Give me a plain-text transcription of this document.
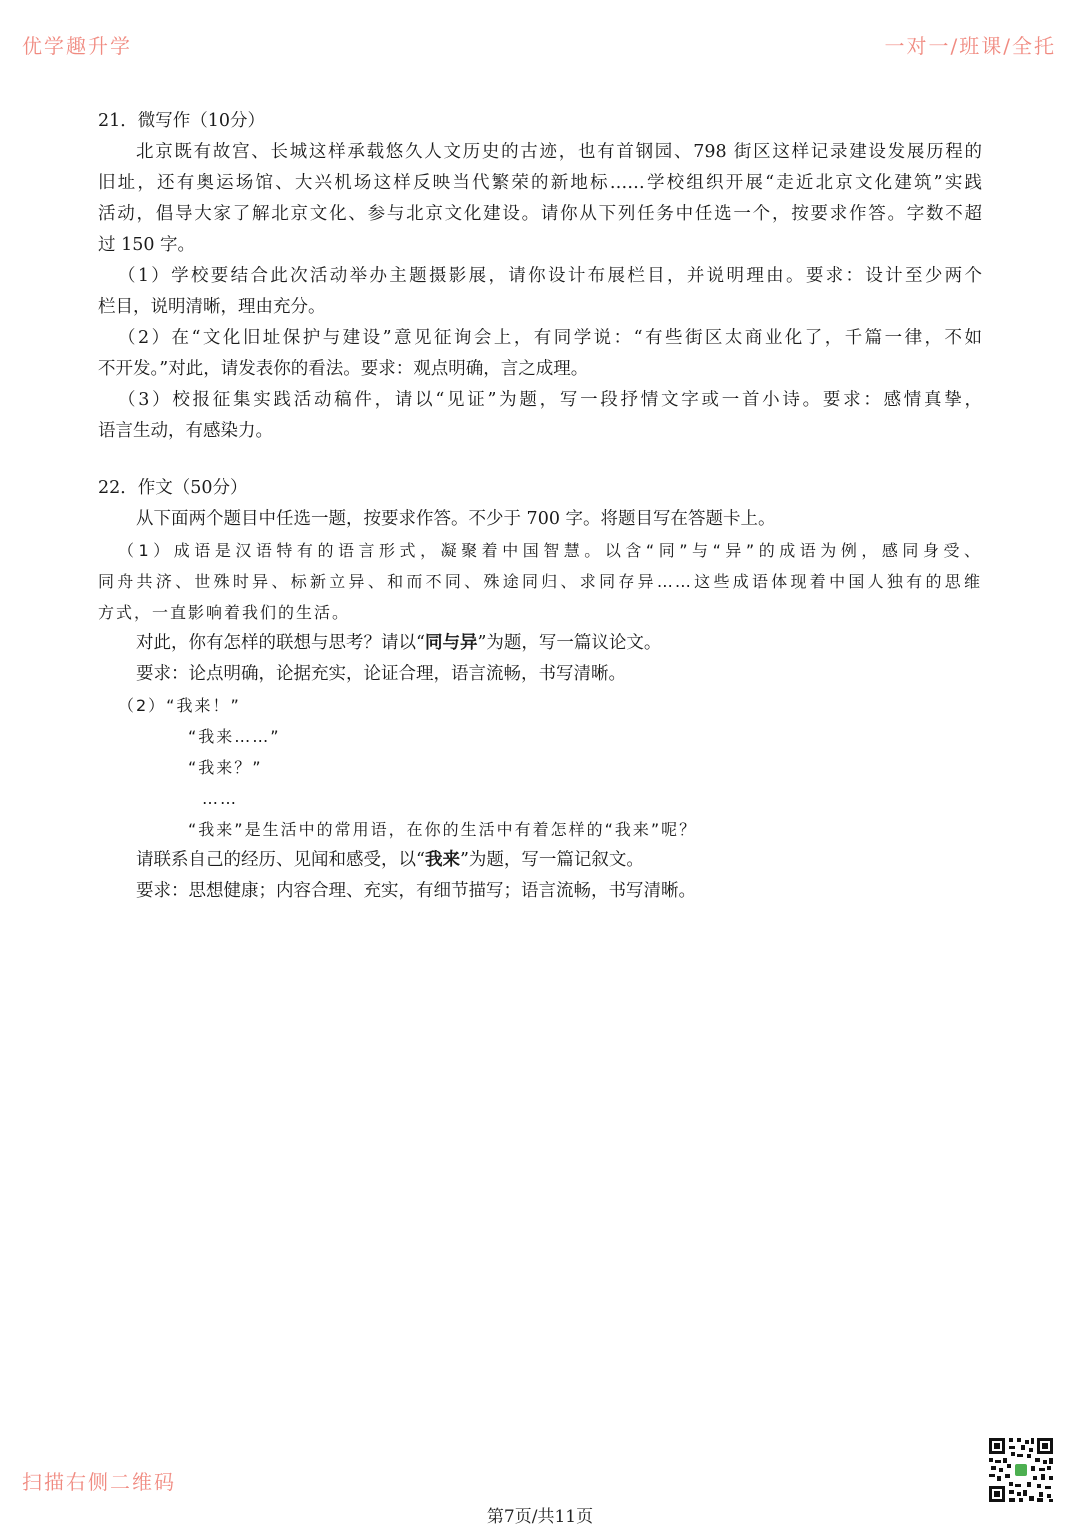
优学趣升学	一对一/班课/全托
21．微写作（10分）
北京既有故宫、长城这样承载悠久人文历史的古迹，也有首钢园、798 街区这样记录建设发展历程的
旧址，还有奥运场馆、大兴机场这样反映当代繁荣的新地标……学校组织开展“走近北京文化建筑”实践
活动，倡导大家了解北京文化、参与北京文化建设。请你从下列任务中任选一个，按要求作答。字数不超
过 150 字。
（1）学校要结合此次活动举办主题摄影展，请你设计布展栏目，并说明理由。要求：设计至少两个
栏目，说明清晰，理由充分。
（2）在“文化旧址保护与建设”意见征询会上，有同学说：“有些街区太商业化了，千篇一律，不如
不开发。”对此，请发表你的看法。要求：观点明确，言之成理。
（3）校报征集实践活动稿件，请以“见证”为题，写一段抒情文字或一首小诗。要求：感情真挚，
语言生动，有感染力。
22．作文（50分）
从下面两个题目中任选一题，按要求作答。不少于 700 字。将题目写在答题卡上。
（1）成语是汉语特有的语言形式，凝聚着中国智慧。以含“同”与“异”的成语为例，感同身受、
同舟共济、世殊时异、标新立异、和而不同、殊途同归、求同存异……这些成语体现着中国人独有的思维
方式，一直影响着我们的生活。
对此，你有怎样的联想与思考？请以“同与异”为题，写一篇议论文。
要求：论点明确，论据充实，论证合理，语言流畅，书写清晰。
（2）“我来！”
“我来……”
“我来？”
……
“我来”是生活中的常用语，在你的生活中有着怎样的“我来”呢？
请联系自己的经历、见闻和感受，以“我来”为题，写一篇记叙文。
要求：思想健康；内容合理、充实，有细节描写；语言流畅，书写清晰。
扫描右侧二维码
第7页/共11页
